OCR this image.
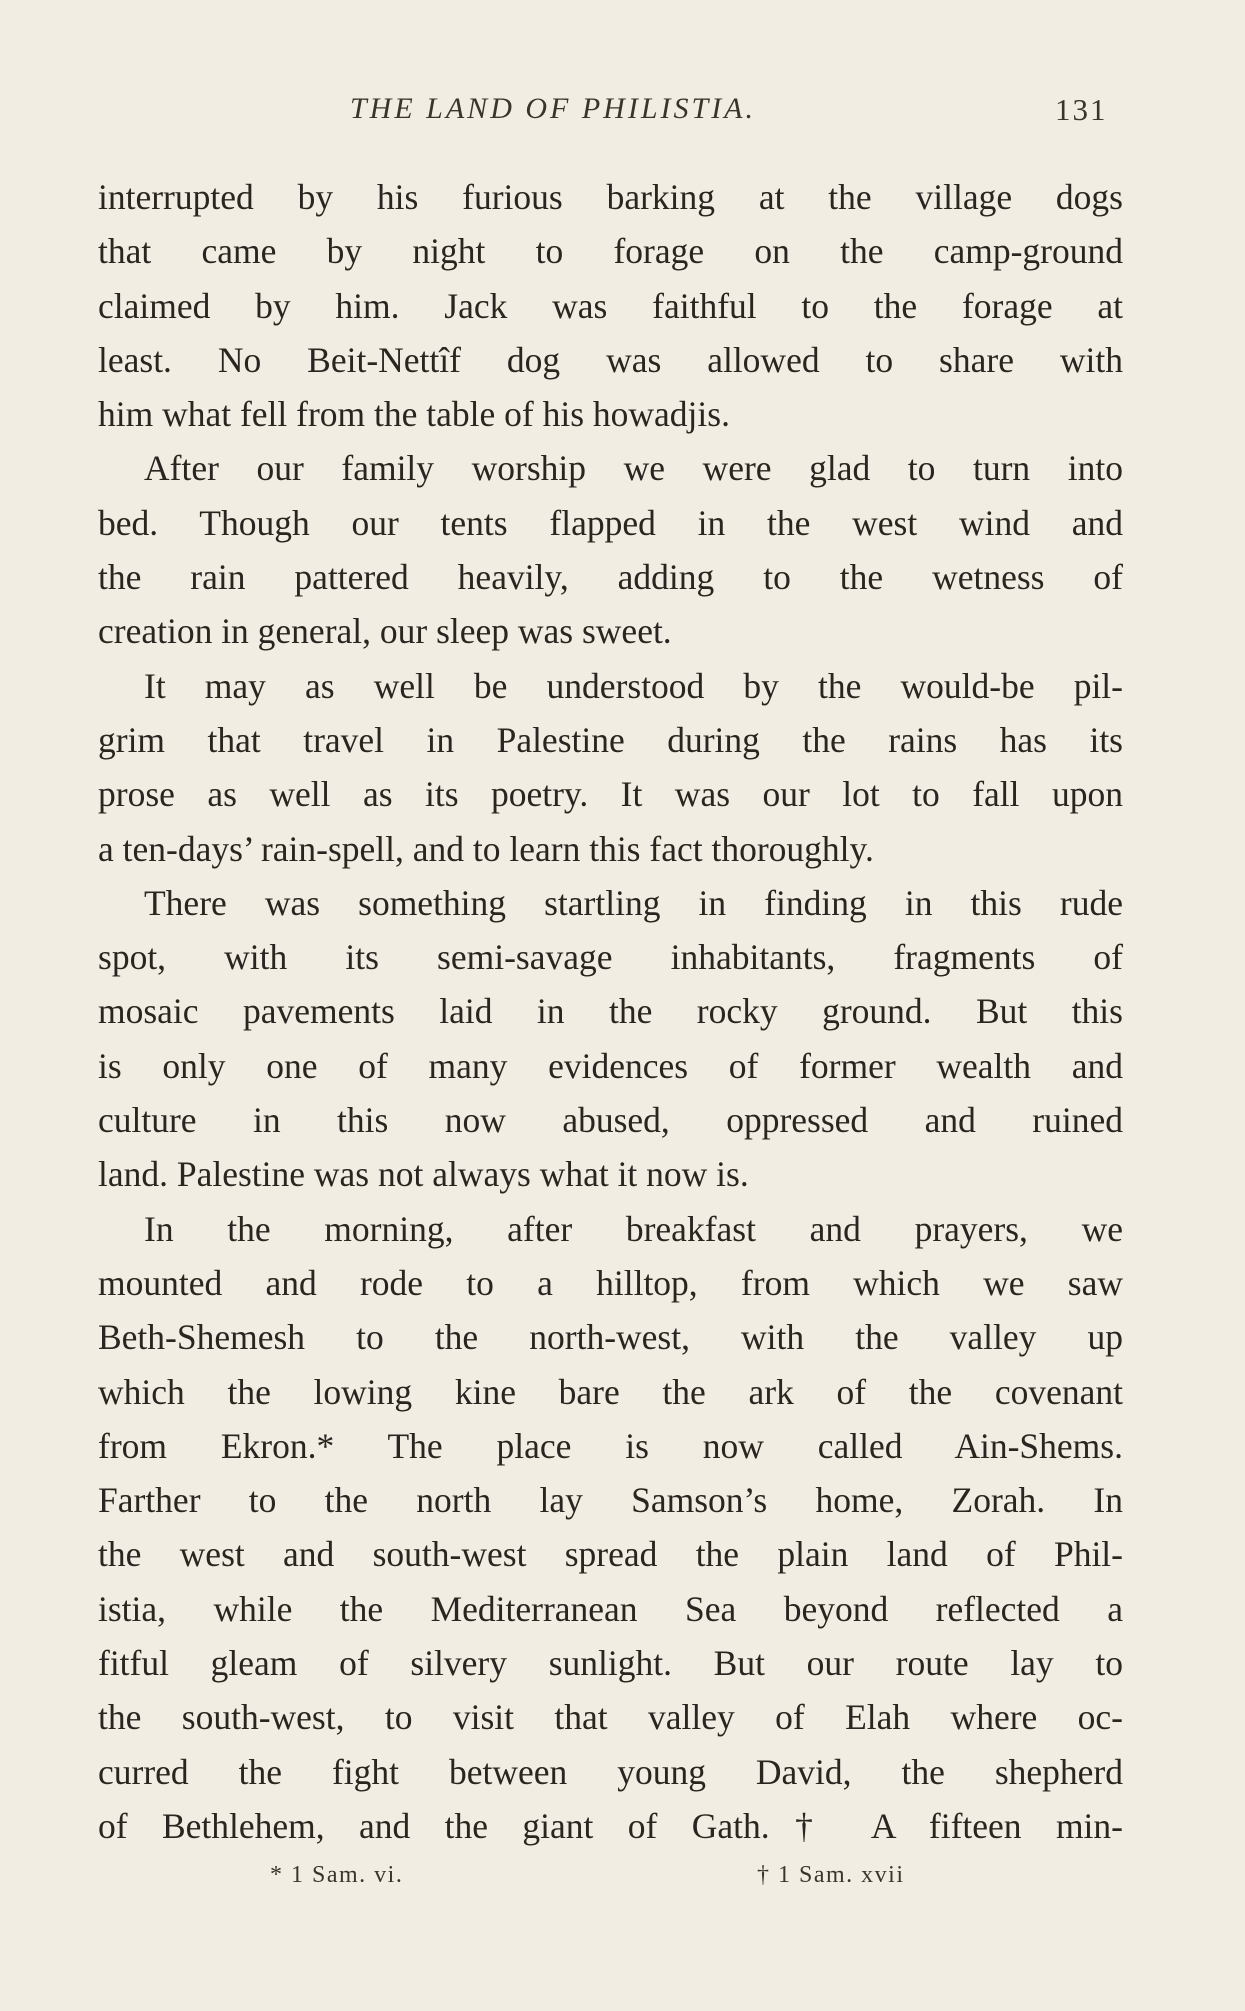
THE LAND OF PHILISTIA.	131
interrupted by his furious barking at the village dogs
that came by night to forage on the camp-ground
claimed by him. Jack was faithful to the forage at
least. No Beit-Nettîf dog was allowed to share with
him what fell from the table of his howadjis.
After our family worship we were glad to turn into
bed. Though our tents flapped in the west wind and
the rain pattered heavily, adding to the wetness of
creation in general, our sleep was sweet.
It may as well be understood by the would-be pil-
grim that travel in Palestine during the rains has its
prose as well as its poetry. It was our lot to fall upon
a ten-days’ rain-spell, and to learn this fact thoroughly.
There was something startling in finding in this rude
spot, with its semi-savage inhabitants, fragments of
mosaic pavements laid in the rocky ground. But this
is only one of many evidences of former wealth and
culture in this now abused, oppressed and ruined
land. Palestine was not always what it now is.
In the morning, after breakfast and prayers, we
mounted and rode to a hilltop, from which we saw
Beth-Shemesh to the north-west, with the valley up
which the lowing kine bare the ark of the covenant
from Ekron.* The place is now called Ain-Shems.
Farther to the north lay Samson’s home, Zorah. In
the west and south-west spread the plain land of Phil-
istia, while the Mediterranean Sea beyond reflected a
fitful gleam of silvery sunlight. But our route lay to
the south-west, to visit that valley of Elah where oc-
curred the fight between young David, the shepherd
of Bethlehem, and the giant of Gath.† A fifteen min-
* 1 Sam. vi.	† 1 Sam. xvii
